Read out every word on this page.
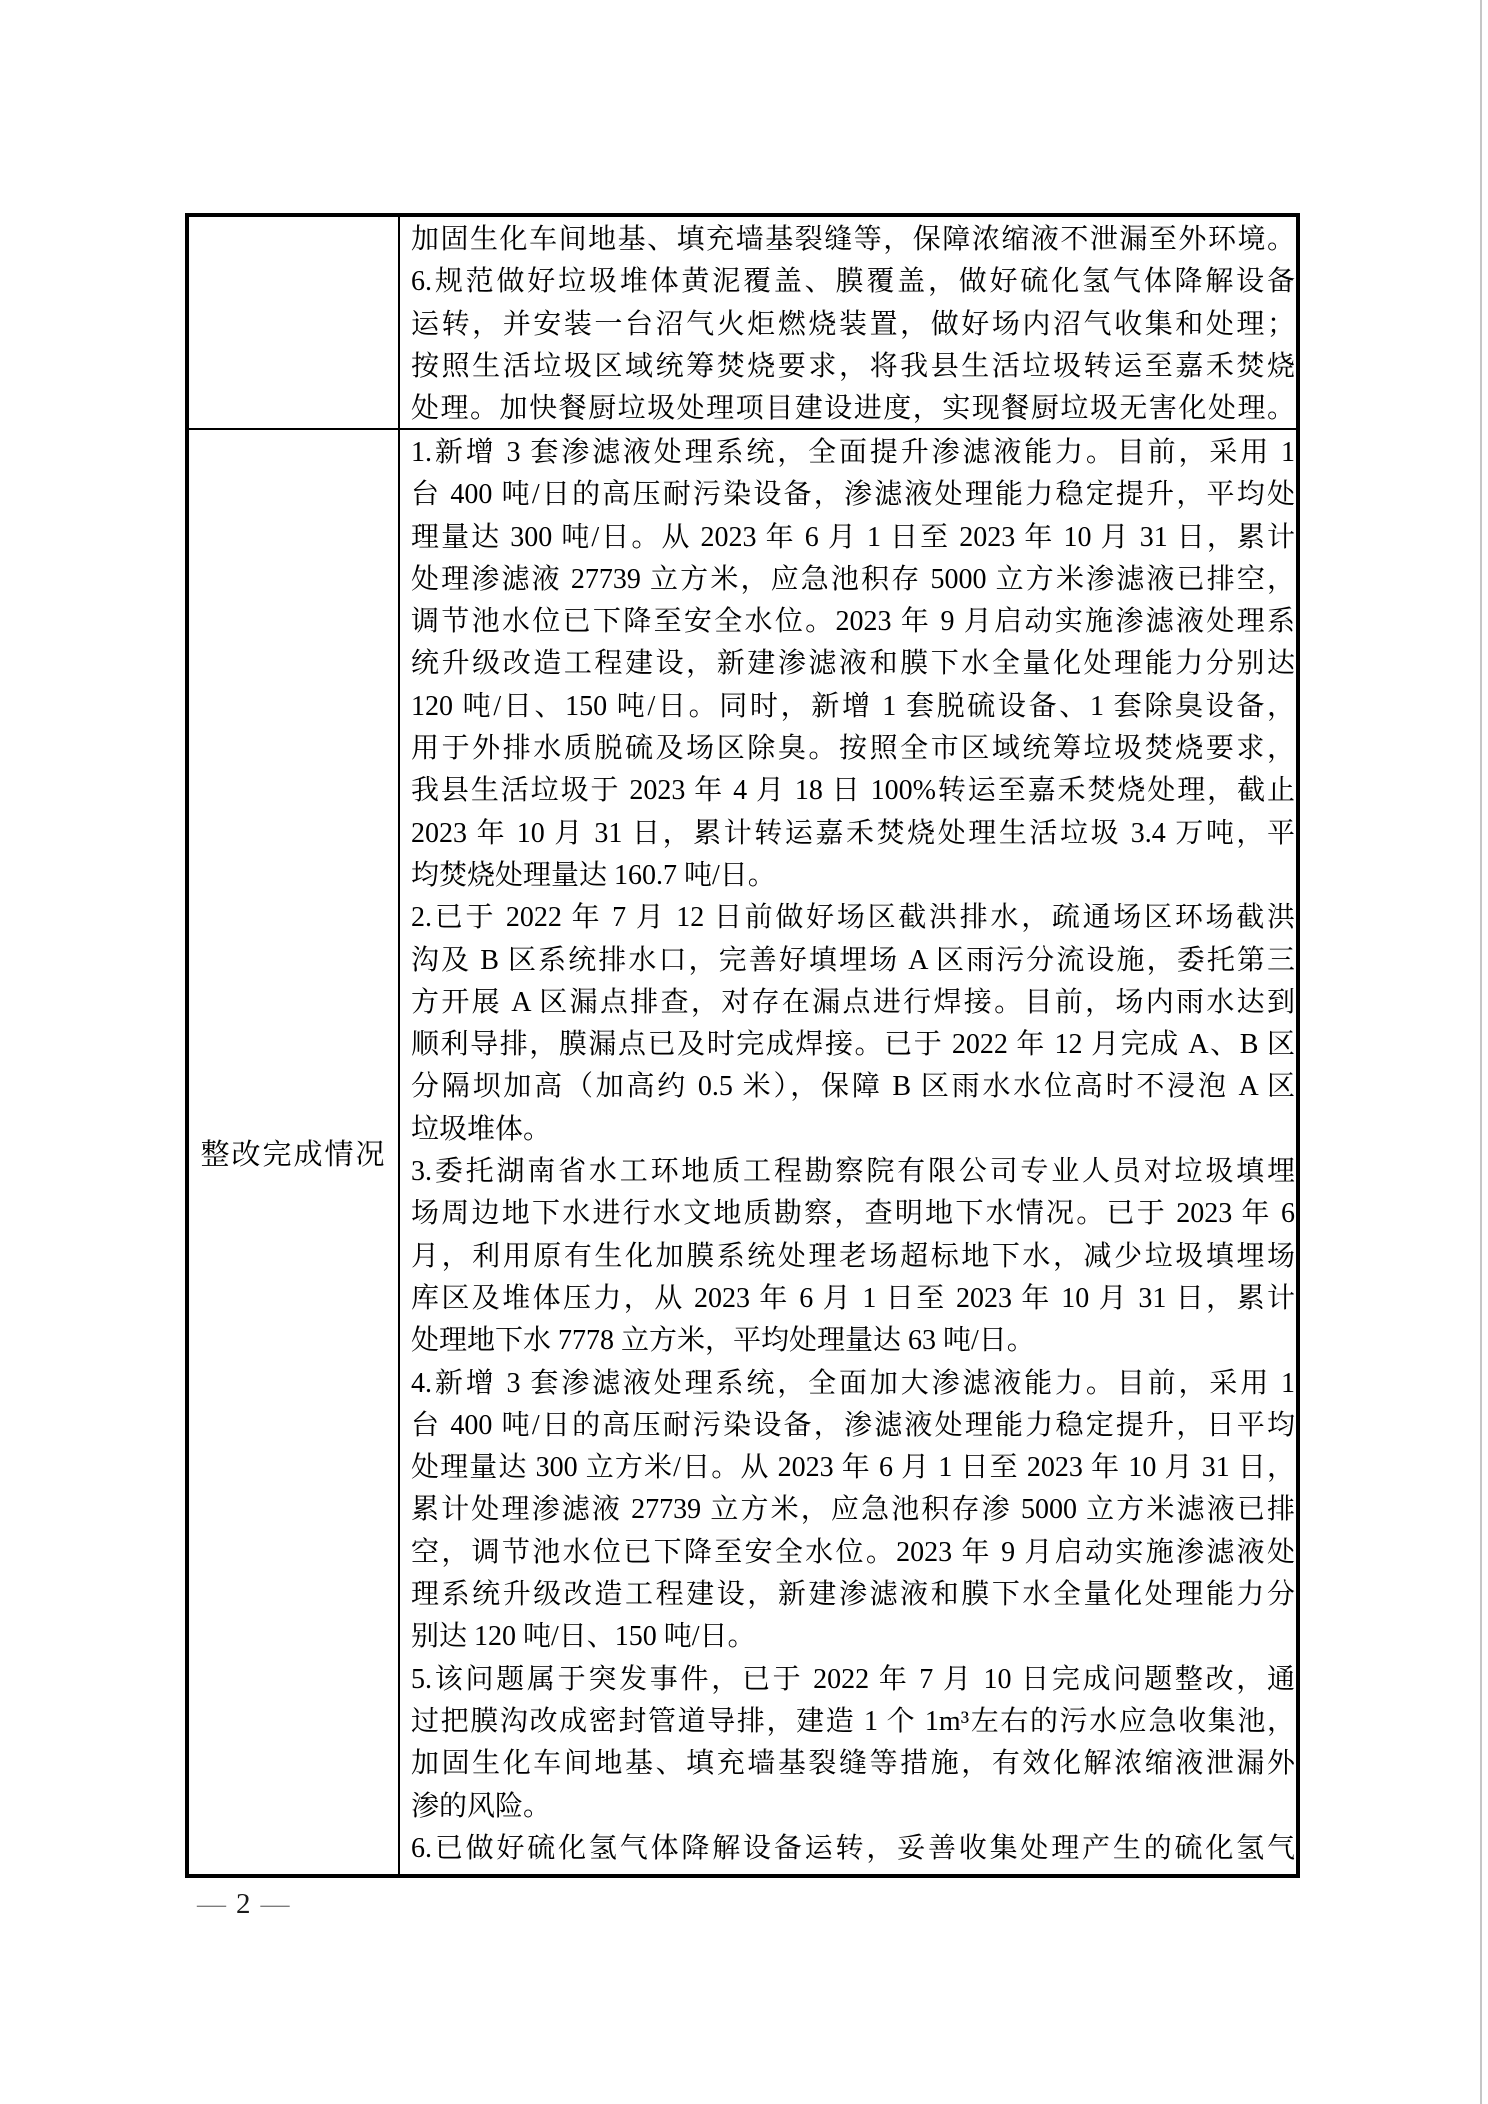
加固生化车间地基、填充墙基裂缝等，保障浓缩液不泄漏至外环境。
6.规范做好垃圾堆体黄泥覆盖、膜覆盖，做好硫化氢气体降解设备
运转，并安装一台沼气火炬燃烧装置，做好场内沼气收集和处理；
按照生活垃圾区域统筹焚烧要求，将我县生活垃圾转运至嘉禾焚烧
处理。加快餐厨垃圾处理项目建设进度，实现餐厨垃圾无害化处理。
整改完成情况
1.新增 3 套渗滤液处理系统，全面提升渗滤液能力。目前，采用 1
台 400 吨/日的高压耐污染设备，渗滤液处理能力稳定提升，平均处
理量达 300 吨/日。从 2023 年 6 月 1 日至 2023 年 10 月 31 日，累计
处理渗滤液 27739 立方米，应急池积存 5000 立方米渗滤液已排空，
调节池水位已下降至安全水位。2023 年 9 月启动实施渗滤液处理系
统升级改造工程建设，新建渗滤液和膜下水全量化处理能力分别达
120 吨/日、150 吨/日。同时，新增 1 套脱硫设备、1 套除臭设备，
用于外排水质脱硫及场区除臭。按照全市区域统筹垃圾焚烧要求，
我县生活垃圾于 2023 年 4 月 18 日 100%转运至嘉禾焚烧处理，截止
2023 年 10 月 31 日，累计转运嘉禾焚烧处理生活垃圾 3.4 万吨，平
均焚烧处理量达 160.7 吨/日。
2.已于 2022 年 7 月 12 日前做好场区截洪排水，疏通场区环场截洪
沟及 B 区系统排水口，完善好填埋场 A 区雨污分流设施，委托第三
方开展 A 区漏点排查，对存在漏点进行焊接。目前，场内雨水达到
顺利导排，膜漏点已及时完成焊接。已于 2022 年 12 月完成 A、B 区
分隔坝加高（加高约 0.5 米），保障 B 区雨水水位高时不浸泡 A 区
垃圾堆体。
3.委托湖南省水工环地质工程勘察院有限公司专业人员对垃圾填埋
场周边地下水进行水文地质勘察，查明地下水情况。已于 2023 年 6
月，利用原有生化加膜系统处理老场超标地下水，减少垃圾填埋场
库区及堆体压力，从 2023 年 6 月 1 日至 2023 年 10 月 31 日，累计
处理地下水 7778 立方米，平均处理量达 63 吨/日。
4.新增 3 套渗滤液处理系统，全面加大渗滤液能力。目前，采用 1
台 400 吨/日的高压耐污染设备，渗滤液处理能力稳定提升，日平均
处理量达 300 立方米/日。从 2023 年 6 月 1 日至 2023 年 10 月 31 日，
累计处理渗滤液 27739 立方米，应急池积存渗 5000 立方米滤液已排
空，调节池水位已下降至安全水位。2023 年 9 月启动实施渗滤液处
理系统升级改造工程建设，新建渗滤液和膜下水全量化处理能力分
别达 120 吨/日、150 吨/日。
5.该问题属于突发事件，已于 2022 年 7 月 10 日完成问题整改，通
过把膜沟改成密封管道导排，建造 1 个 1m³左右的污水应急收集池，
加固生化车间地基、填充墙基裂缝等措施，有效化解浓缩液泄漏外
渗的风险。
6.已做好硫化氢气体降解设备运转，妥善收集处理产生的硫化氢气
— 2 —
